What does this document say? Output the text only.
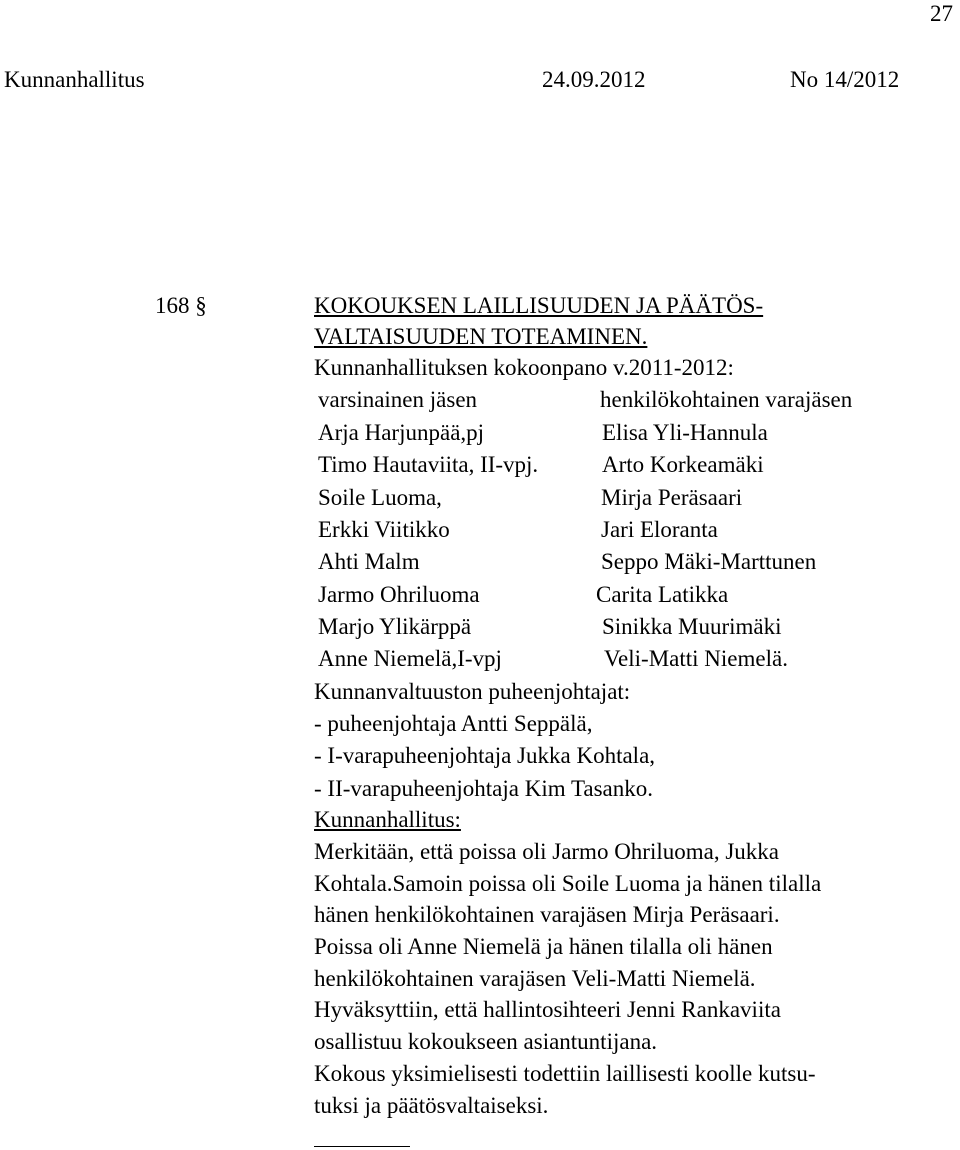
27
Kunnanhallitus	24.09.2012	No 14/2012
168 §	KOKOUKSEN LAILLISUUDEN JA PÄÄTÖS-
VALTAISUUDEN TOTEAMINEN.
Kunnanhallituksen kokoonpano v.2011-2012:
varsinainen jäsen	henkilökohtainen varajäsen
Arja Harjunpää,pj	Elisa Yli-Hannula
Timo Hautaviita, II-vpj.	Arto Korkeamäki
Soile Luoma,	Mirja Peräsaari
Erkki Viitikko	Jari Eloranta
Ahti Malm	Seppo Mäki-Marttunen
Jarmo Ohriluoma	Carita Latikka
Marjo Ylikärppä	Sinikka Muurimäki
Anne Niemelä,I-vpj	Veli-Matti Niemelä.
Kunnanvaltuuston puheenjohtajat:
- puheenjohtaja Antti Seppälä,
- I-varapuheenjohtaja Jukka Kohtala,
- II-varapuheenjohtaja Kim Tasanko.
Kunnanhallitus:
Merkitään, että poissa oli Jarmo Ohriluoma, Jukka
Kohtala.Samoin poissa oli Soile Luoma ja hänen tilalla
hänen henkilökohtainen varajäsen Mirja Peräsaari.
Poissa oli Anne Niemelä ja hänen tilalla oli hänen
henkilökohtainen varajäsen Veli-Matti Niemelä.
Hyväksyttiin, että hallintosihteeri Jenni Rankaviita
osallistuu kokoukseen asiantuntijana.
Kokous yksimielisesti todettiin laillisesti koolle kutsu-
tuksi ja päätösvaltaiseksi.
